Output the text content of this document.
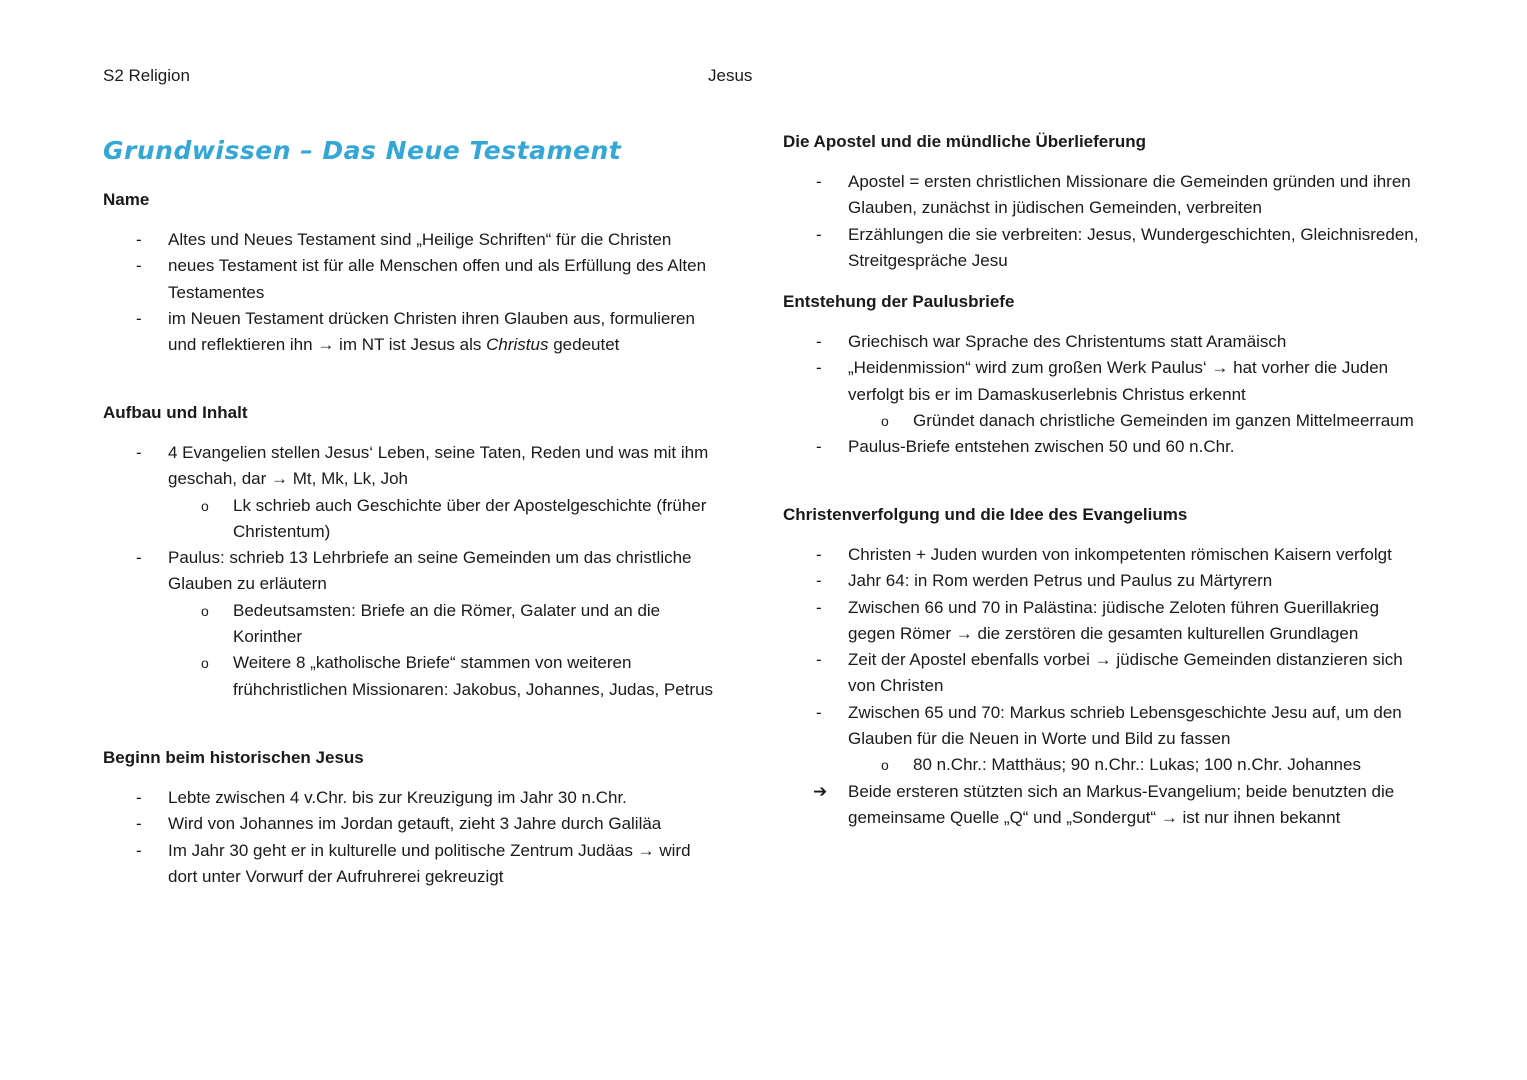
S2 Religion	Jesus
Grundwissen – Das Neue Testament
Name
- Altes und Neues Testament sind „Heilige Schriften“ für die Christen
- neues Testament ist für alle Menschen offen und als Erfüllung des Alten Testamentes
- im Neuen Testament drücken Christen ihren Glauben aus, formulieren und reflektieren ihn → im NT ist Jesus als Christus gedeutet
Aufbau und Inhalt
- 4 Evangelien stellen Jesus‘ Leben, seine Taten, Reden und was mit ihm geschah, dar → Mt, Mk, Lk, Joh
o Lk schrieb auch Geschichte über der Apostelgeschichte (früher Christentum)
- Paulus: schrieb 13 Lehrbriefe an seine Gemeinden um das christliche Glauben zu erläutern
o Bedeutsamsten: Briefe an die Römer, Galater und an die Korinther
o Weitere 8 „katholische Briefe“ stammen von weiteren frühchristlichen Missionaren: Jakobus, Johannes, Judas, Petrus
Beginn beim historischen Jesus
- Lebte zwischen 4 v.Chr. bis zur Kreuzigung im Jahr 30 n.Chr.
- Wird von Johannes im Jordan getauft, zieht 3 Jahre durch Galiläa
- Im Jahr 30 geht er in kulturelle und politische Zentrum Judäas → wird dort unter Vorwurf der Aufruhrerei gekreuzigt
Die Apostel und die mündliche Überlieferung
- Apostel = ersten christlichen Missionare die Gemeinden gründen und ihren Glauben, zunächst in jüdischen Gemeinden, verbreiten
- Erzählungen die sie verbreiten: Jesus, Wundergeschichten, Gleichnisreden, Streitgespräche Jesu
Entstehung der Paulusbriefe
- Griechisch war Sprache des Christentums statt Aramäisch
- „Heidenmission“ wird zum großen Werk Paulus‘ → hat vorher die Juden verfolgt bis er im Damaskuserlebnis Christus erkennt
o Gründet danach christliche Gemeinden im ganzen Mittelmeerraum
- Paulus-Briefe entstehen zwischen 50 und 60 n.Chr.
Christenverfolgung und die Idee des Evangeliums
- Christen + Juden wurden von inkompetenten römischen Kaisern verfolgt
- Jahr 64: in Rom werden Petrus und Paulus zu Märtyrern
- Zwischen 66 und 70 in Palästina: jüdische Zeloten führen Guerillakrieg gegen Römer → die zerstören die gesamten kulturellen Grundlagen
- Zeit der Apostel ebenfalls vorbei → jüdische Gemeinden distanzieren sich von Christen
- Zwischen 65 und 70: Markus schrieb Lebensgeschichte Jesu auf, um den Glauben für die Neuen in Worte und Bild zu fassen
o 80 n.Chr.: Matthäus; 90 n.Chr.: Lukas; 100 n.Chr. Johannes
➔ Beide ersteren stützten sich an Markus-Evangelium; beide benutzten die gemeinsame Quelle „Q“ und „Sondergut“ → ist nur ihnen bekannt
